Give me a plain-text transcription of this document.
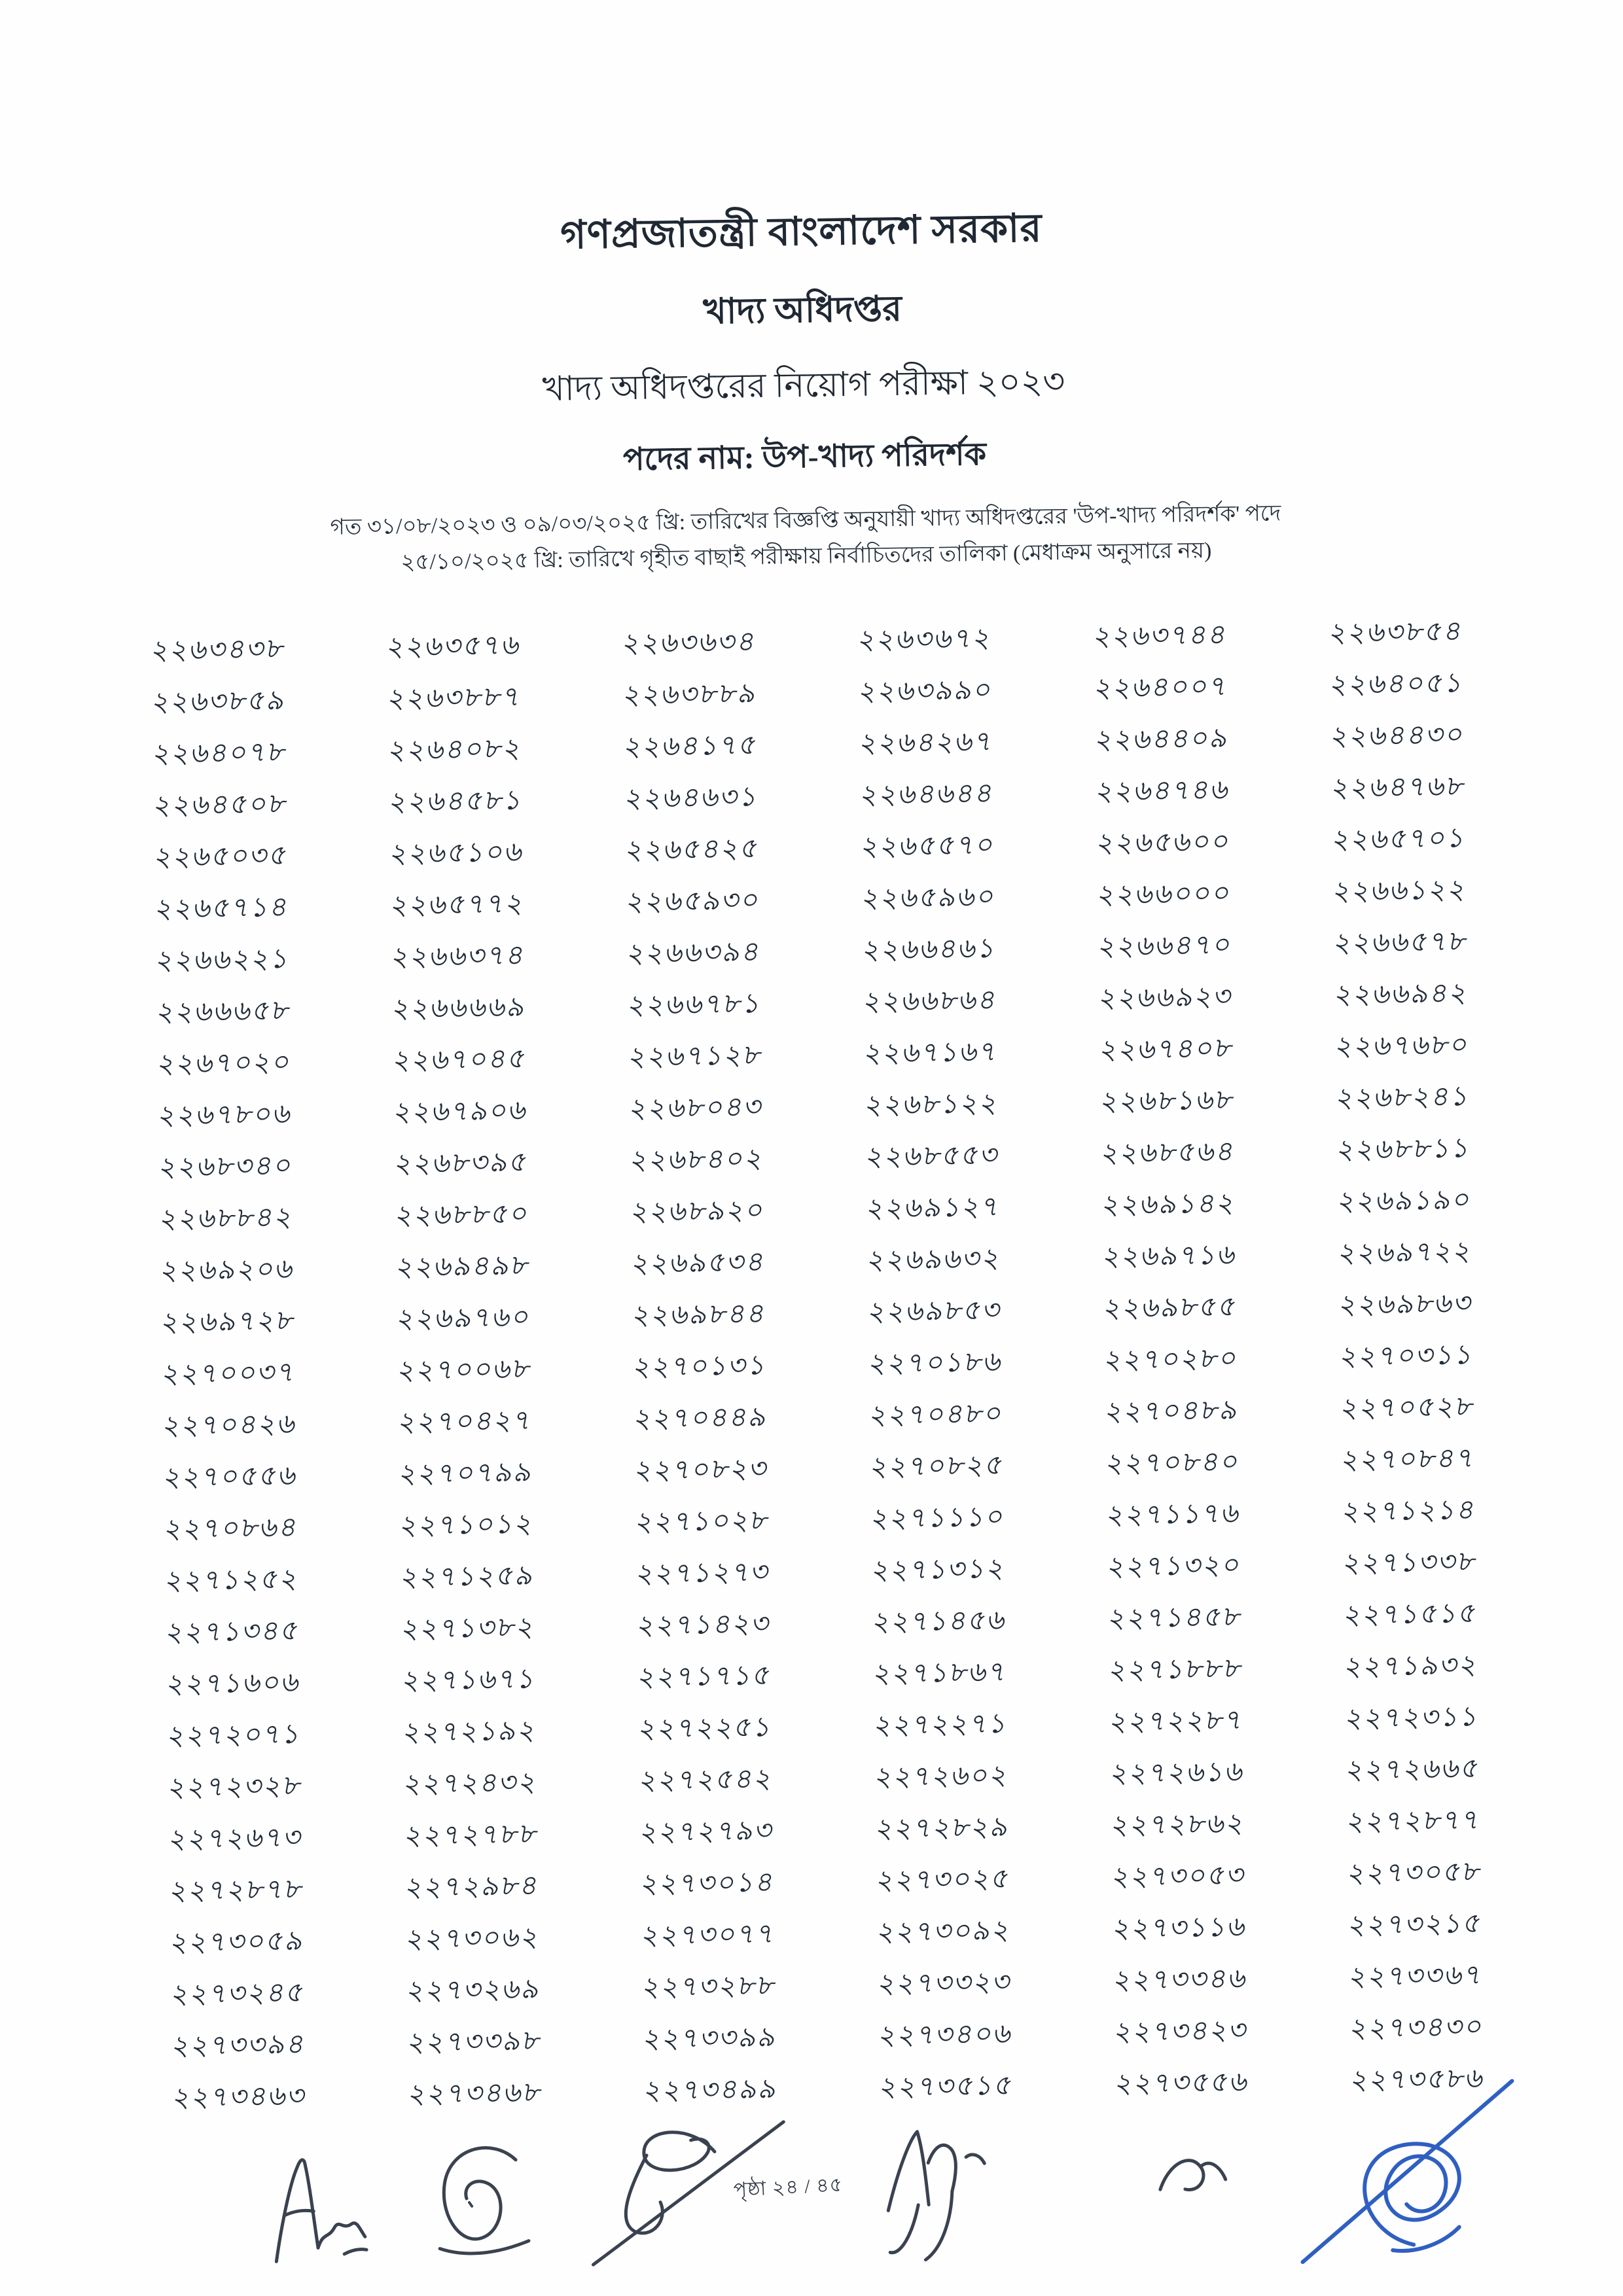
গণপ্রজাতন্ত্রী বাংলাদেশ সরকার
খাদ্য অধিদপ্তর
খাদ্য অধিদপ্তরের নিয়োগ পরীক্ষা ২০২৩
পদের নাম: উপ-খাদ্য পরিদর্শক
গত ৩১/০৮/২০২৩ ও ০৯/০৩/২০২৫ খ্রি: তারিখের বিজ্ঞপ্তি অনুযায়ী খাদ্য অধিদপ্তরের 'উপ-খাদ্য পরিদর্শক' পদে
২৫/১০/২০২৫ খ্রি: তারিখে গৃহীত বাছাই পরীক্ষায় নির্বাচিতদের তালিকা (মেধাক্রম অনুসারে নয়)
২২৬৩৪৩৮	২২৬৩৫৭৬	২২৬৩৬৩৪	২২৬৩৬৭২	২২৬৩৭৪৪	২২৬৩৮৫৪
২২৬৩৮৫৯	২২৬৩৮৮৭	২২৬৩৮৮৯	২২৬৩৯৯০	২২৬৪০০৭	২২৬৪০৫১
২২৬৪০৭৮	২২৬৪০৮২	২২৬৪১৭৫	২২৬৪২৬৭	২২৬৪৪০৯	২২৬৪৪৩০
২২৬৪৫০৮	২২৬৪৫৮১	২২৬৪৬৩১	২২৬৪৬৪৪	২২৬৪৭৪৬	২২৬৪৭৬৮
২২৬৫০৩৫	২২৬৫১০৬	২২৬৫৪২৫	২২৬৫৫৭০	২২৬৫৬০০	২২৬৫৭০১
২২৬৫৭১৪	২২৬৫৭৭২	২২৬৫৯৩০	২২৬৫৯৬০	২২৬৬০০০	২২৬৬১২২
২২৬৬২২১	২২৬৬৩৭৪	২২৬৬৩৯৪	২২৬৬৪৬১	২২৬৬৪৭০	২২৬৬৫৭৮
২২৬৬৬৫৮	২২৬৬৬৬৯	২২৬৬৭৮১	২২৬৬৮৬৪	২২৬৬৯২৩	২২৬৬৯৪২
২২৬৭০২০	২২৬৭০৪৫	২২৬৭১২৮	২২৬৭১৬৭	২২৬৭৪০৮	২২৬৭৬৮০
২২৬৭৮০৬	২২৬৭৯০৬	২২৬৮০৪৩	২২৬৮১২২	২২৬৮১৬৮	২২৬৮২৪১
২২৬৮৩৪০	২২৬৮৩৯৫	২২৬৮৪০২	২২৬৮৫৫৩	২২৬৮৫৬৪	২২৬৮৮১১
২২৬৮৮৪২	২২৬৮৮৫০	২২৬৮৯২০	২২৬৯১২৭	২২৬৯১৪২	২২৬৯১৯০
২২৬৯২০৬	২২৬৯৪৯৮	২২৬৯৫৩৪	২২৬৯৬৩২	২২৬৯৭১৬	২২৬৯৭২২
২২৬৯৭২৮	২২৬৯৭৬০	২২৬৯৮৪৪	২২৬৯৮৫৩	২২৬৯৮৫৫	২২৬৯৮৬৩
২২৭০০৩৭	২২৭০০৬৮	২২৭০১৩১	২২৭০১৮৬	২২৭০২৮০	২২৭০৩১১
২২৭০৪২৬	২২৭০৪২৭	২২৭০৪৪৯	২২৭০৪৮০	২২৭০৪৮৯	২২৭০৫২৮
২২৭০৫৫৬	২২৭০৭৯৯	২২৭০৮২৩	২২৭০৮২৫	২২৭০৮৪০	২২৭০৮৪৭
২২৭০৮৬৪	২২৭১০১২	২২৭১০২৮	২২৭১১১০	২২৭১১৭৬	২২৭১২১৪
২২৭১২৫২	২২৭১২৫৯	২২৭১২৭৩	২২৭১৩১২	২২৭১৩২০	২২৭১৩৩৮
২২৭১৩৪৫	২২৭১৩৮২	২২৭১৪২৩	২২৭১৪৫৬	২২৭১৪৫৮	২২৭১৫১৫
২২৭১৬০৬	২২৭১৬৭১	২২৭১৭১৫	২২৭১৮৬৭	২২৭১৮৮৮	২২৭১৯৩২
২২৭২০৭১	২২৭২১৯২	২২৭২২৫১	২২৭২২৭১	২২৭২২৮৭	২২৭২৩১১
২২৭২৩২৮	২২৭২৪৩২	২২৭২৫৪২	২২৭২৬০২	২২৭২৬১৬	২২৭২৬৬৫
২২৭২৬৭৩	২২৭২৭৮৮	২২৭২৭৯৩	২২৭২৮২৯	২২৭২৮৬২	২২৭২৮৭৭
২২৭২৮৭৮	২২৭২৯৮৪	২২৭৩০১৪	২২৭৩০২৫	২২৭৩০৫৩	২২৭৩০৫৮
২২৭৩০৫৯	২২৭৩০৬২	২২৭৩০৭৭	২২৭৩০৯২	২২৭৩১১৬	২২৭৩২১৫
২২৭৩২৪৫	২২৭৩২৬৯	২২৭৩২৮৮	২২৭৩৩২৩	২২৭৩৩৪৬	২২৭৩৩৬৭
২২৭৩৩৯৪	২২৭৩৩৯৮	২২৭৩৩৯৯	২২৭৩৪০৬	২২৭৩৪২৩	২২৭৩৪৩০
২২৭৩৪৬৩	২২৭৩৪৬৮	২২৭৩৪৯৯	২২৭৩৫১৫	২২৭৩৫৫৬	২২৭৩৫৮৬
পৃষ্ঠা ২৪ / ৪৫
